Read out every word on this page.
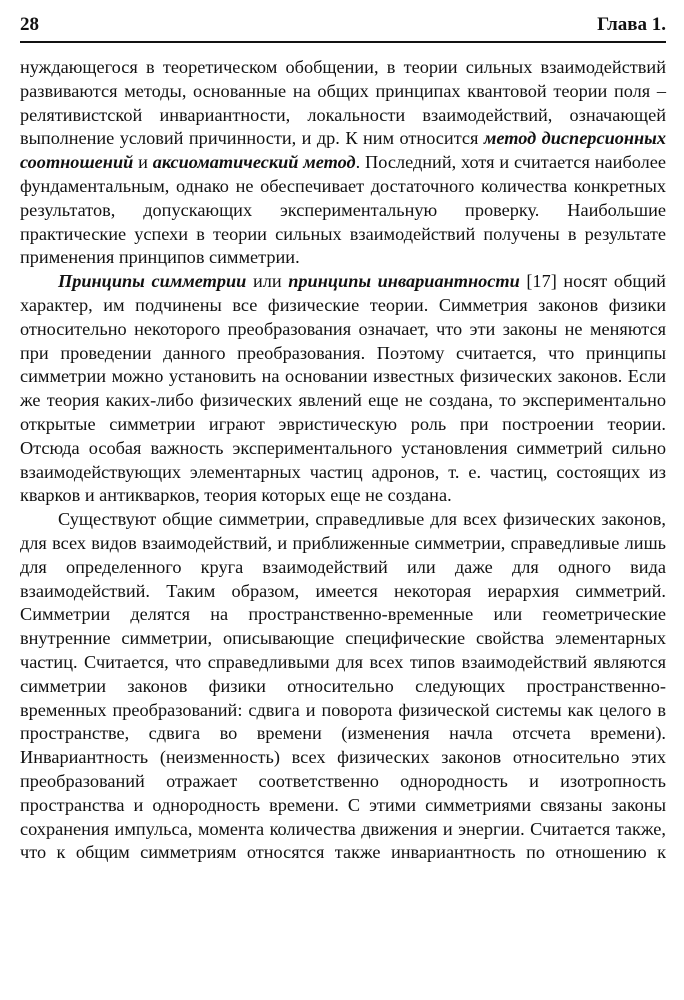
28	Глава 1.

нуждающегося в теоретическом обобщении, в теории сильных взаимодействий развиваются методы, основанные на общих принципах квантовой теории поля – релятивистской инвариантности, локальности взаимодействий, означающей выполнение условий причинности, и др. К ним относится метод дисперсионных соотношений и аксиоматический метод. Последний, хотя и считается наиболее фундаментальным, однако не обеспечивает достаточного количества конкретных результатов, допускающих экспериментальную проверку. Наибольшие практические успехи в теории сильных взаимодействий получены в результате применения принципов симметрии.

Принципы симметрии или принципы инвариантности [17] носят общий характер, им подчинены все физические теории. Симметрия законов физики относительно некоторого преобразования означает, что эти законы не меняются при проведении данного преобразования. Поэтому считается, что принципы симметрии можно установить на основании известных физических законов. Если же теория каких-либо физических явлений еще не создана, то экспериментально открытые симметрии играют эвристическую роль при построении теории. Отсюда особая важность экспериментального установления симметрий сильно взаимодействующих элементарных частиц адронов, т. е. частиц, состоящих из кварков и антикварков, теория которых еще не создана.

Существуют общие симметрии, справедливые для всех физических законов, для всех видов взаимодействий, и приближенные симметрии, справедливые лишь для определенного круга взаимодействий или даже для одного вида взаимодействий. Таким образом, имеется некоторая иерархия симметрий. Симметрии делятся на пространственно-временные или геометрические внутренние симметрии, описывающие специфические свойства элементарных частиц. Считается, что справедливыми для всех типов взаимодействий являются симметрии законов физики относительно следующих пространственно-временных преобразований: сдвига и поворота физической системы как целого в пространстве, сдвига во времени (изменения начла отсчета времени). Инвариантность (неизменность) всех физических законов относительно этих преобразований отражает соответственно однородность и изотропность пространства и однородность времени. С этими симметриями связаны законы сохранения импульса, момента количества движения и энергии. Считается также, что к общим симметриям относятся также инвариантность по отношению к
